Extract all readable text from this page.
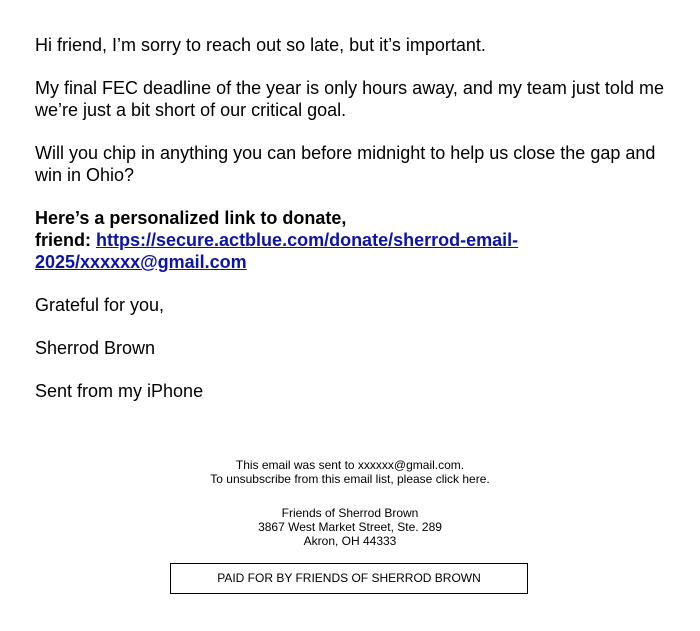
Hi friend, I’m sorry to reach out so late, but it’s important.

My final FEC deadline of the year is only hours away, and my team just told me we’re just a bit short of our critical goal.

Will you chip in anything you can before midnight to help us close the gap and win in Ohio?

Here’s a personalized link to donate,
friend: https://secure.actblue.com/donate/sherrod-email-2025/xxxxxx@gmail.com

Grateful for you,

Sherrod Brown

Sent from my iPhone

This email was sent to xxxxxx@gmail.com.

To unsubscribe from this email list, please click here.

Friends of Sherrod Brown

3867 West Market Street, Ste. 289

Akron, OH 44333

PAID FOR BY FRIENDS OF SHERROD BROWN
